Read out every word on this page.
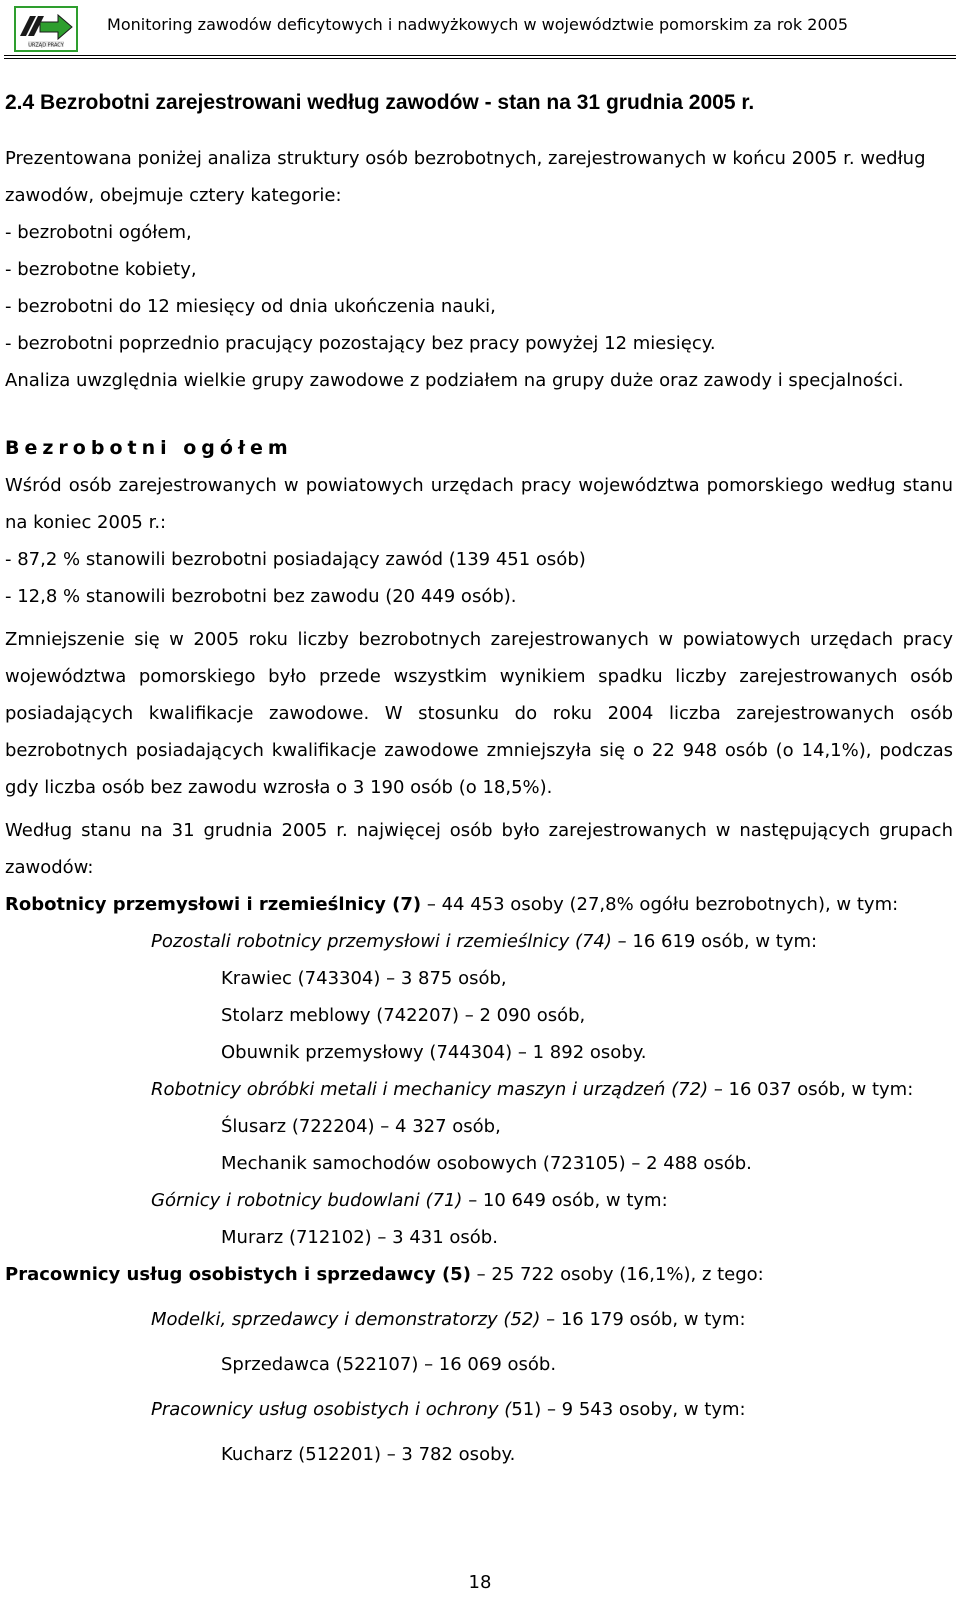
URZĄD PRACY
Monitoring zawodów deficytowych i nadwyżkowych w województwie pomorskim za rok 2005
2.4 Bezrobotni zarejestrowani według zawodów - stan na 31 grudnia 2005 r.

Prezentowana poniżej analiza struktury osób bezrobotnych, zarejestrowanych w końcu 2005 r. według

zawodów, obejmuje cztery kategorie:

- bezrobotni ogółem,

- bezrobotne kobiety,

- bezrobotni do 12 miesięcy od dnia ukończenia nauki,

- bezrobotni poprzednio pracujący pozostający bez pracy powyżej 12 miesięcy.

Analiza uwzględnia wielkie grupy zawodowe z podziałem na grupy duże oraz zawody i specjalności.

Bezrobotni ogółem

Wśród osób zarejestrowanych w powiatowych urzędach pracy województwa pomorskiego według stanu na koniec 2005 r.:

- 87,2 % stanowili bezrobotni posiadający zawód (139 451 osób)

- 12,8 % stanowili bezrobotni bez zawodu (20 449 osób).

Zmniejszenie się w 2005 roku liczby bezrobotnych zarejestrowanych w powiatowych urzędach pracy województwa pomorskiego było przede wszystkim wynikiem spadku liczby zarejestrowanych osób posiadających kwalifikacje zawodowe. W stosunku do roku 2004 liczba zarejestrowanych osób bezrobotnych posiadających kwalifikacje zawodowe zmniejszyła się o 22 948 osób (o 14,1%), podczas gdy liczba osób bez zawodu wzrosła o 3 190 osób (o 18,5%).

Według stanu na 31 grudnia 2005 r. najwięcej osób było zarejestrowanych w następujących grupach zawodów:

Robotnicy przemysłowi i rzemieślnicy (7) – 44 453 osoby (27,8% ogółu bezrobotnych), w tym:

Pozostali robotnicy przemysłowi i rzemieślnicy (74) – 16 619 osób, w tym:

Krawiec (743304) – 3 875 osób,

Stolarz meblowy (742207) – 2 090 osób,

Obuwnik przemysłowy (744304) – 1 892 osoby.

Robotnicy obróbki metali i mechanicy maszyn i urządzeń (72) – 16 037 osób, w tym:

Ślusarz (722204) – 4 327 osób,

Mechanik samochodów osobowych (723105) – 2 488 osób.

Górnicy i robotnicy budowlani (71) – 10 649 osób, w tym:

Murarz (712102) – 3 431 osób.

Pracownicy usług osobistych i sprzedawcy (5) – 25 722 osoby (16,1%), z tego:

Modelki, sprzedawcy i demonstratorzy (52) – 16 179 osób, w tym:

Sprzedawca (522107) – 16 069 osób.

Pracownicy usług osobistych i ochrony (51) – 9 543 osoby, w tym:

Kucharz (512201) – 3 782 osoby.

18
